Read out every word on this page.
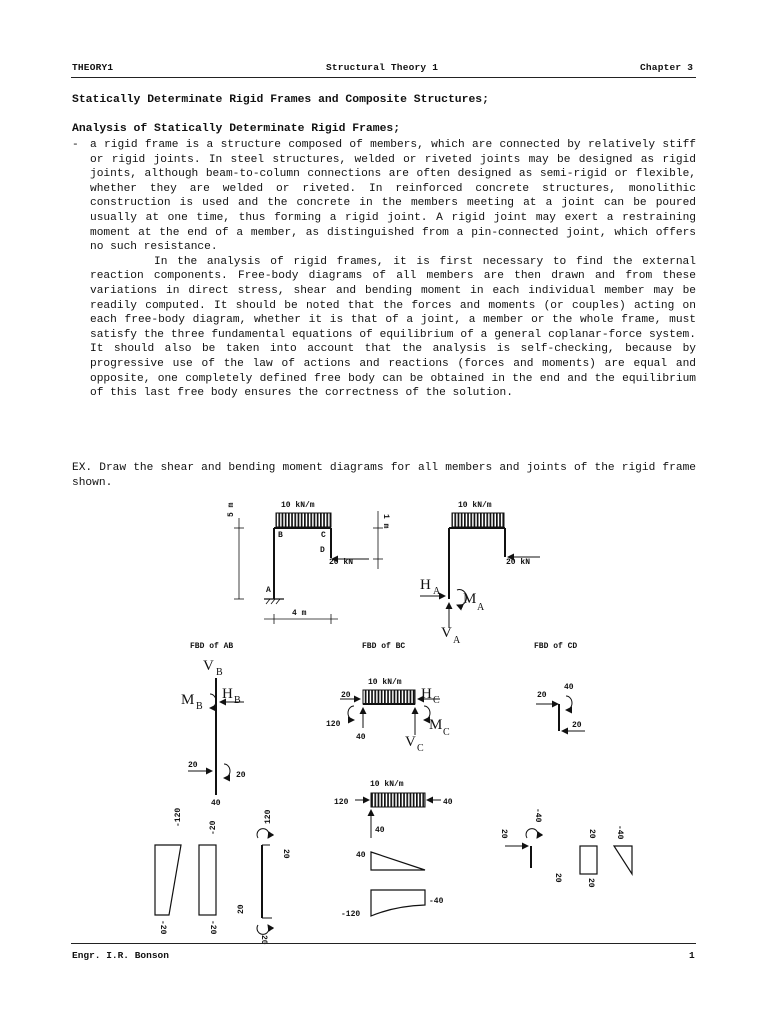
THEORY1	Structural Theory 1	Chapter 3
Statically Determinate Rigid Frames and Composite Structures;
Analysis of Statically Determinate Rigid Frames;

- a rigid frame is a structure composed of members, which are connected by relatively stiff or rigid joints. In steel structures, welded or riveted joints may be designed as rigid joints, although beam-to-column connections are often designed as semi-rigid or flexible, whether they are welded or riveted. In reinforced concrete structures, monolithic construction is used and the concrete in the members meeting at a joint can be poured usually at one time, thus forming a rigid joint. A rigid joint may exert a restraining moment at the end of a member, as distinguished from a pin-connected joint, which offers no such resistance.

In the analysis of rigid frames, it is first necessary to find the external reaction components. Free-body diagrams of all members are then drawn and from these variations in direct stress, shear and bending moment in each individual member may be readily computed. It should be noted that the forces and moments (or couples) acting on each free-body diagram, whether it is that of a joint, a member or the whole frame, must satisfy the three fundamental equations of equilibrium of a general coplanar-force system. It should also be taken into account that the analysis is self-checking, because by progressive use of the law of actions and reactions (forces and moments) are equal and opposite, one completely defined free body can be obtained in the end and the equilibrium of this last free body ensures the correctness of the solution.

EX. Draw the shear and bending moment diagrams for all members and joints of the rigid frame shown.
10 kN/m
5 m
1 m
B	C
D
A
20 kN
4 m
10 kN/m
20 kN
H A M
A
V A
FBD of AB	FBD of BC	FBD of CD
V B
M B
H B
20
20
40
10 kN/m
20	H C
M C
120
40	V C
20
40
20
-120
-20
-20
-20
120
20
20
20
10 kN/m
120	40
40
40
-120
-40
-40
20
20
20
20
-40
Engr. I.R. Bonson	1
